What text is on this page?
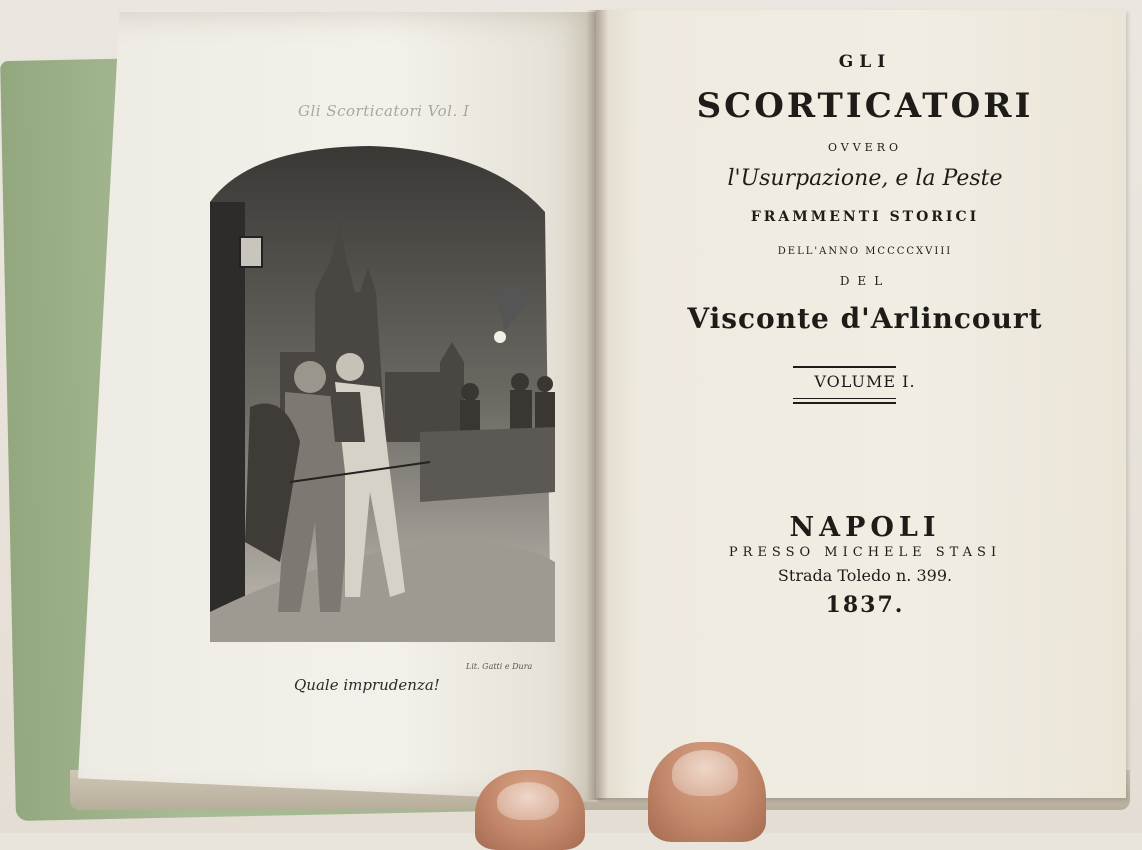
Gli Scorticatori Vol. I
Lit. Gatti e Dura
Quale imprudenza!
GLI
SCORTICATORI
OVVERO
l'Usurpazione, e la Peste
FRAMMENTI STORICI
DELL'ANNO MCCCCXVIII
DEL
Visconte d'Arlincourt
VOLUME I.
NAPOLI
PRESSO MICHELE STASI
Strada Toledo n. 399.
1837.
